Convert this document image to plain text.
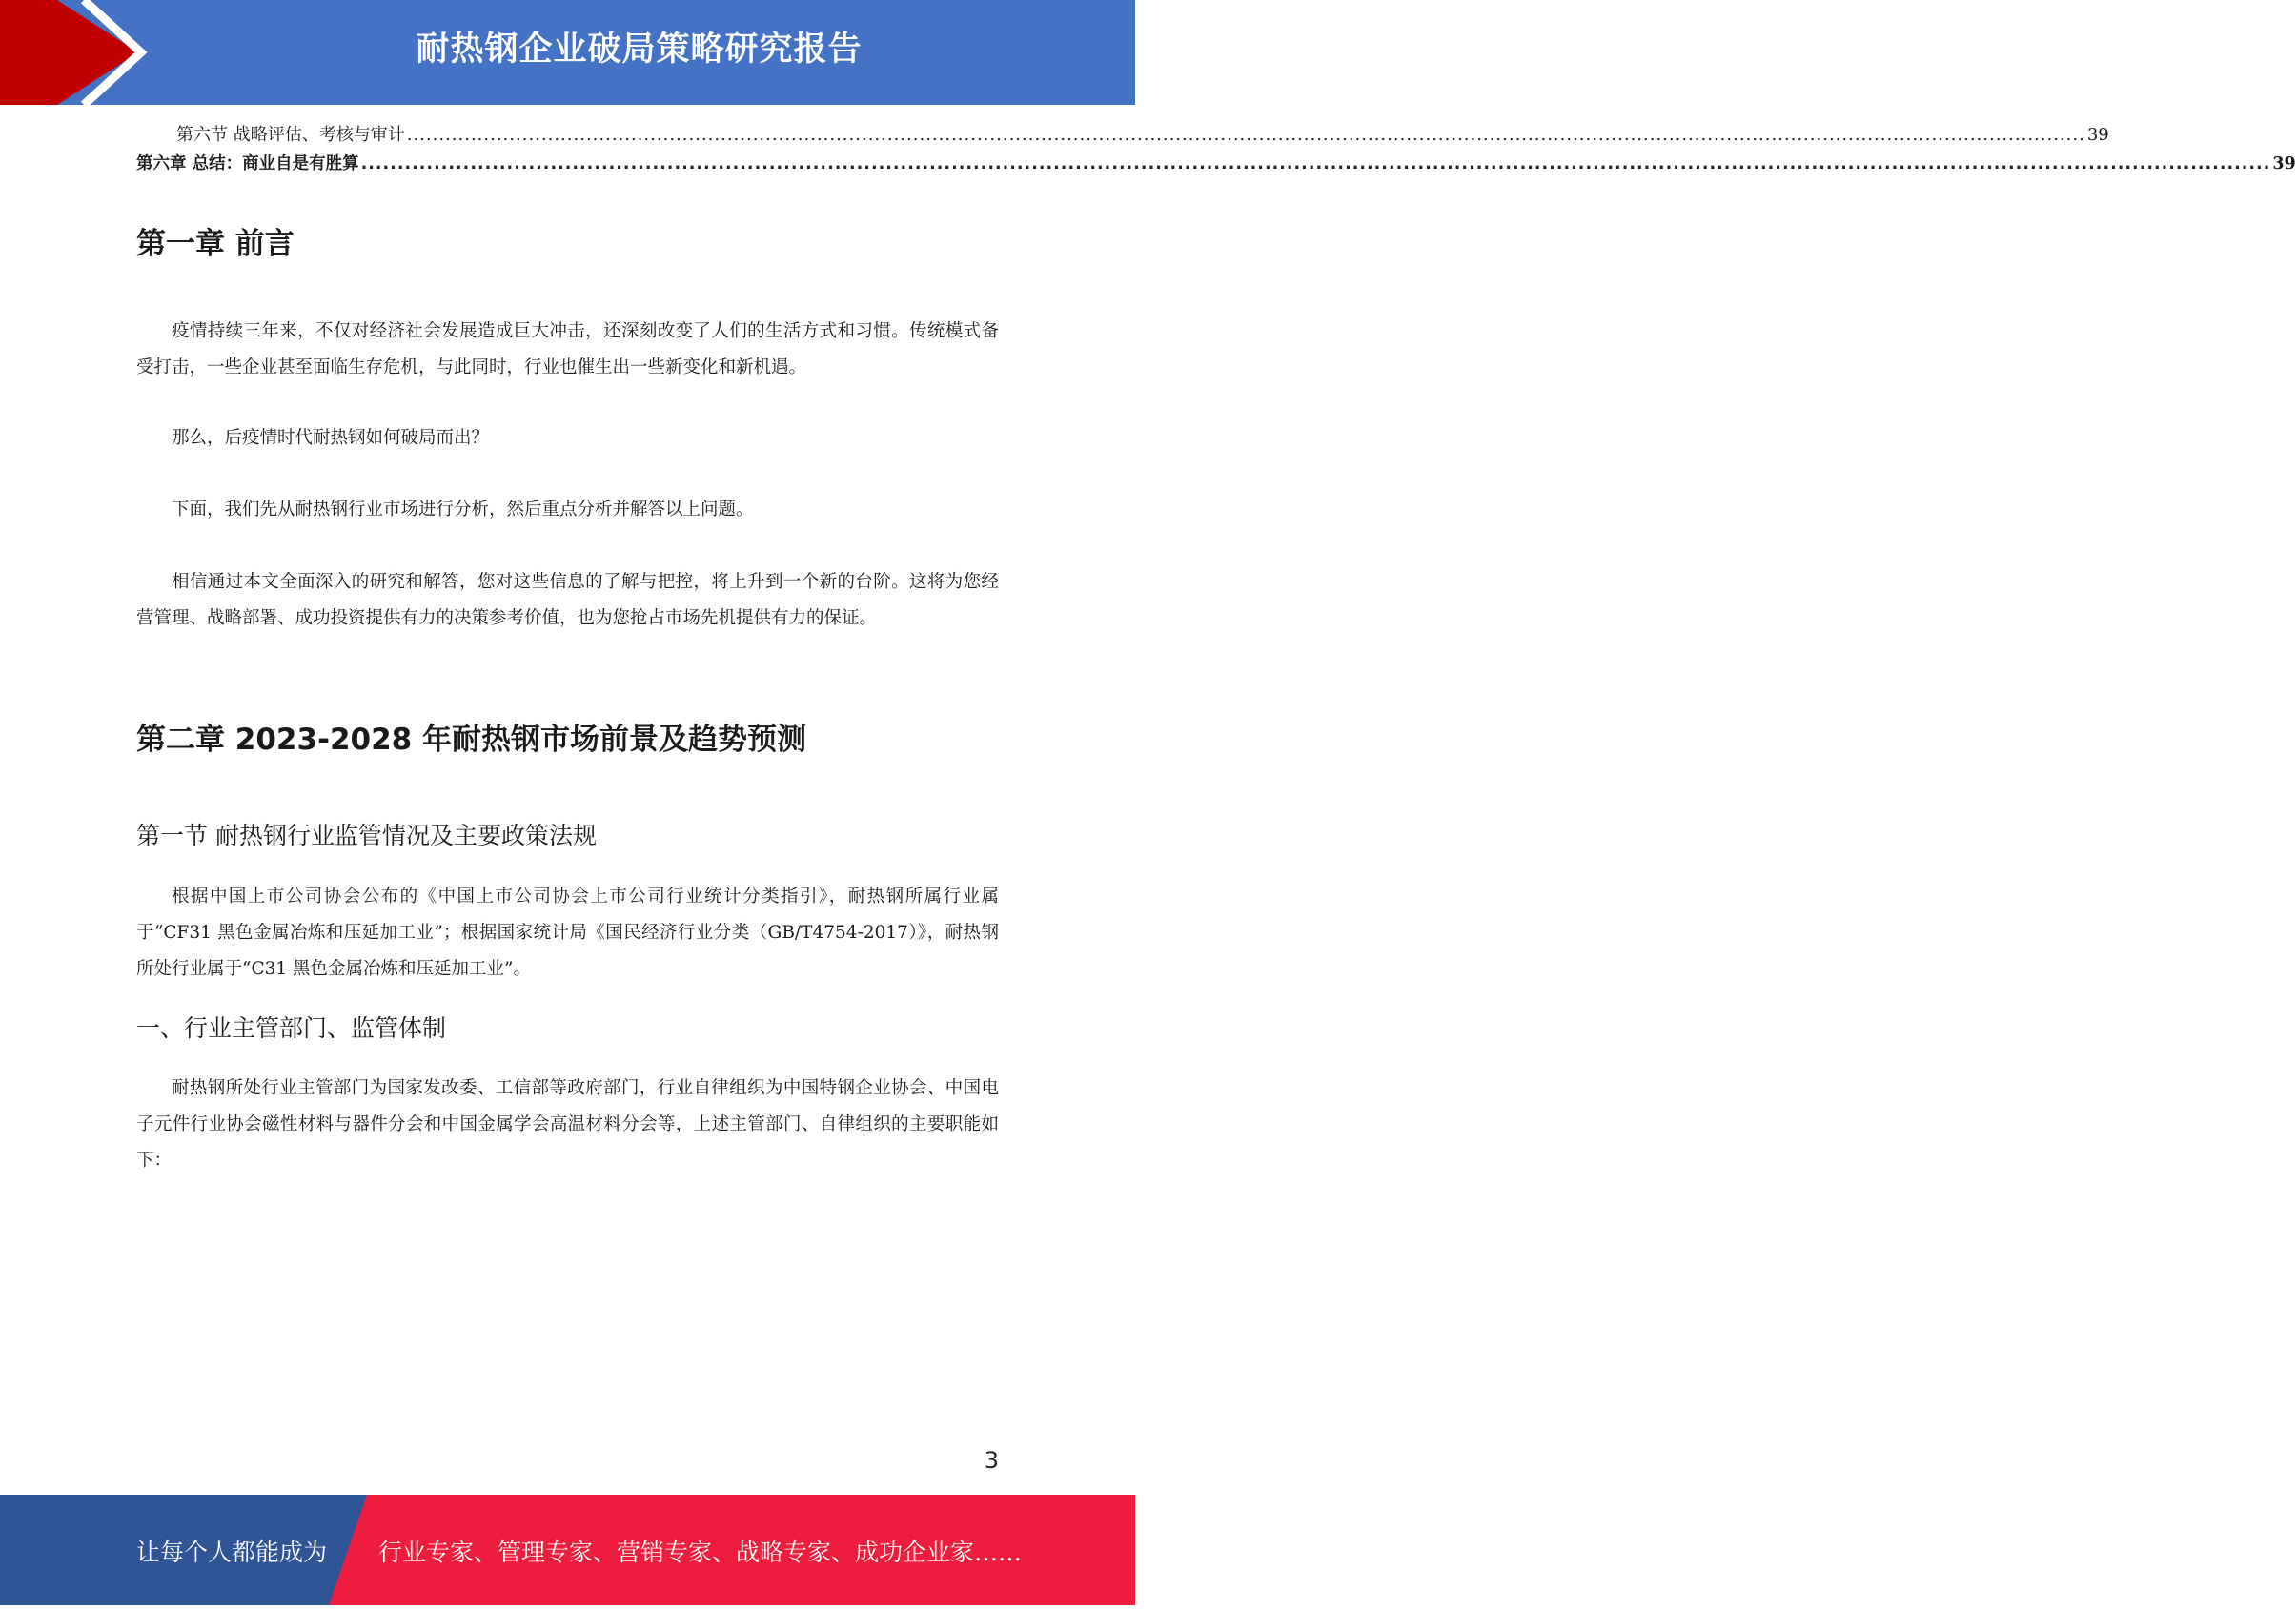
耐热钢企业破局策略研究报告
第六节 战略评估、考核与审计 ...................................................................................................................................................................................................................................................................... 39
第六章 总结：商业自是有胜算 ...................................................................................................................................................................................................................................................................... 39
第一章 前言

疫情持续三年来，不仅对经济社会发展造成巨大冲击，还深刻改变了人们的生活方式和习惯。传统模式备受打击，一些企业甚至面临生存危机，与此同时，行业也催生出一些新变化和新机遇。

那么，后疫情时代耐热钢如何破局而出？

下面，我们先从耐热钢行业市场进行分析，然后重点分析并解答以上问题。

相信通过本文全面深入的研究和解答，您对这些信息的了解与把控，将上升到一个新的台阶。这将为您经营管理、战略部署、成功投资提供有力的决策参考价值，也为您抢占市场先机提供有力的保证。

第二章 2023-2028 年耐热钢市场前景及趋势预测
第一节 耐热钢行业监管情况及主要政策法规

根据中国上市公司协会公布的《中国上市公司协会上市公司行业统计分类指引》，耐热钢所属行业属于“CF31 黑色金属冶炼和压延加工业”；根据国家统计局《国民经济行业分类（GB/T4754-2017）》，耐热钢所处行业属于“C31 黑色金属冶炼和压延加工业”。

一、行业主管部门、监管体制

耐热钢所处行业主管部门为国家发改委、工信部等政府部门，行业自律组织为中国特钢企业协会、中国电子元件行业协会磁性材料与器件分会和中国金属学会高温材料分会等，上述主管部门、自律组织的主要职能如下：

3
让每个人都能成为 行业专家、管理专家、营销专家、战略专家、成功企业家……
